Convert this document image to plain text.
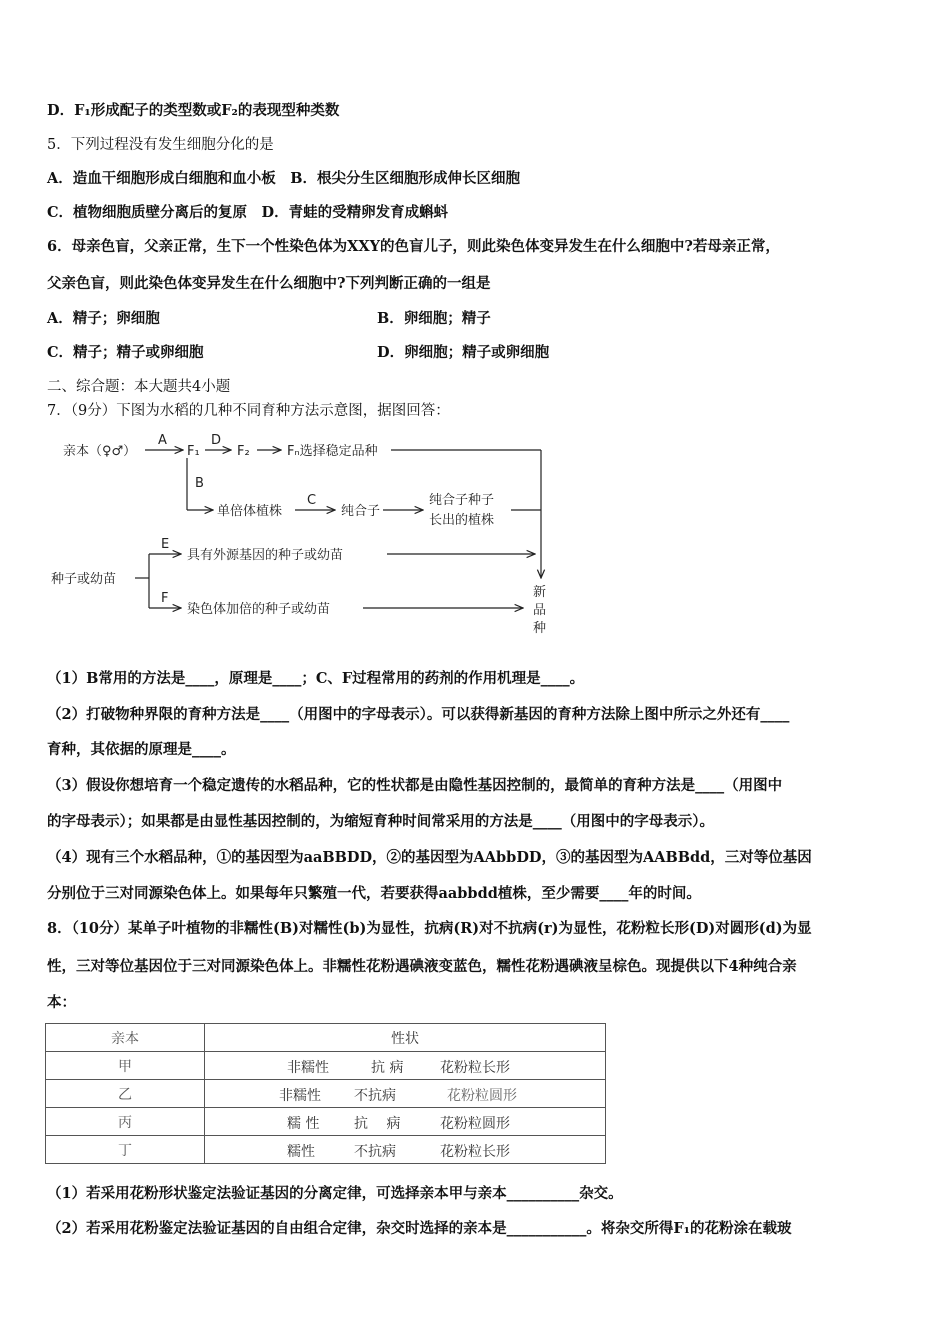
D．F₁形成配子的类型数或F₂的表现型种类数
5．下列过程没有发生细胞分化的是
A．造血干细胞形成白细胞和血小板　B．根尖分生区细胞形成伸长区细胞
C．植物细胞质壁分离后的复原　D．青蛙的受精卵发育成蝌蚪
6．母亲色盲，父亲正常，生下一个性染色体为XXY的色盲儿子，则此染色体变异发生在什么细胞中?若母亲正常，
父亲色盲，则此染色体变异发生在什么细胞中?下列判断正确的一组是
A．精子；卵细胞	B．卵细胞；精子
C．精子；精子或卵细胞	D．卵细胞；精子或卵细胞
二、综合题：本大题共4小题
7．（9分）下图为水稻的几种不同育种方法示意图，据图回答：
亲本（♀♂）
A
F₁
D
F₂	Fₙ选择稳定品种
B
单倍体植株
C
纯合子
纯合子种子
长出的植株
种子或幼苗
E
具有外源基因的种子或幼苗
F
染色体加倍的种子或幼苗
新
品
种
（1）B常用的方法是____，原理是____；C、F过程常用的药剂的作用机理是____。
（2）打破物种界限的育种方法是____（用图中的字母表示）。可以获得新基因的育种方法除上图中所示之外还有____
育种，其依据的原理是____。
（3）假设你想培育一个稳定遗传的水稻品种，它的性状都是由隐性基因控制的，最简单的育种方法是____（用图中
的字母表示）；如果都是由显性基因控制的，为缩短育种时间常采用的方法是____（用图中的字母表示）。
（4）现有三个水稻品种，①的基因型为aaBBDD，②的基因型为AAbbDD，③的基因型为AABBdd，三对等位基因
分别位于三对同源染色体上。如果每年只繁殖一代，若要获得aabbdd植株，至少需要____年的时间。
8．（10分）某单子叶植物的非糯性(B)对糯性(b)为显性，抗病(R)对不抗病(r)为显性，花粉粒长形(D)对圆形(d)为显
性，三对等位基因位于三对同源染色体上。非糯性花粉遇碘液变蓝色，糯性花粉遇碘液呈棕色。现提供以下4种纯合亲
本：
亲本	性状
甲	非糯性 抗 病 花粉粒长形

乙	非糯性 不抗病 花粉粒圆形

丙	糯 性 抗　 病 花粉粒圆形

丁	糯性 不抗病 花粉粒长形
（1）若采用花粉形状鉴定法验证基因的分离定律，可选择亲本甲与亲本__________杂交。
（2）若采用花粉鉴定法验证基因的自由组合定律，杂交时选择的亲本是___________。将杂交所得F₁的花粉涂在载玻
